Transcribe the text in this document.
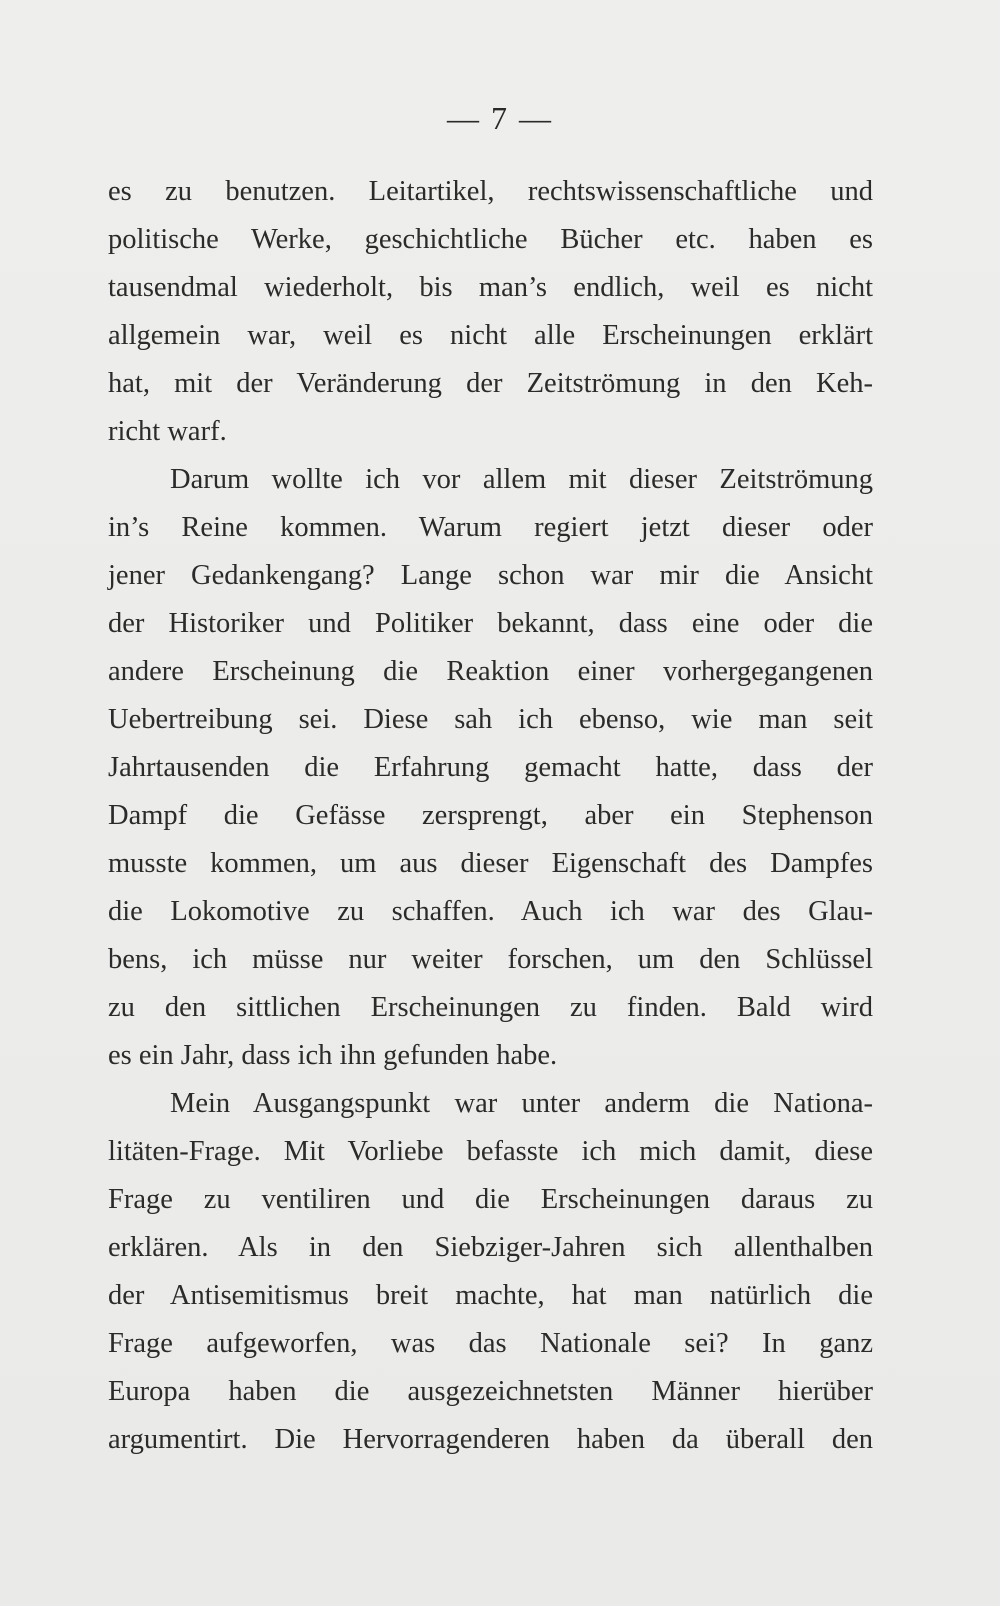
— 7 —
es zu benutzen. Leitartikel, rechtswissenschaftliche und
politische Werke, geschichtliche Bücher etc. haben es
tausendmal wiederholt, bis man’s endlich, weil es nicht
allgemein war, weil es nicht alle Erscheinungen erklärt
hat, mit der Veränderung der Zeitströmung in den Keh-
richt warf.
Darum wollte ich vor allem mit dieser Zeitströmung
in’s Reine kommen. Warum regiert jetzt dieser oder
jener Gedankengang? Lange schon war mir die Ansicht
der Historiker und Politiker bekannt, dass eine oder die
andere Erscheinung die Reaktion einer vorhergegangenen
Uebertreibung sei. Diese sah ich ebenso, wie man seit
Jahrtausenden die Erfahrung gemacht hatte, dass der
Dampf die Gefässe zersprengt, aber ein Stephenson
musste kommen, um aus dieser Eigenschaft des Dampfes
die Lokomotive zu schaffen. Auch ich war des Glau-
bens, ich müsse nur weiter forschen, um den Schlüssel
zu den sittlichen Erscheinungen zu finden. Bald wird
es ein Jahr, dass ich ihn gefunden habe.
Mein Ausgangspunkt war unter anderm die Nationa-
litäten-Frage. Mit Vorliebe befasste ich mich damit, diese
Frage zu ventiliren und die Erscheinungen daraus zu
erklären. Als in den Siebziger-Jahren sich allenthalben
der Antisemitismus breit machte, hat man natürlich die
Frage aufgeworfen, was das Nationale sei? In ganz
Europa haben die ausgezeichnetsten Männer hierüber
argumentirt. Die Hervorragenderen haben da überall den
